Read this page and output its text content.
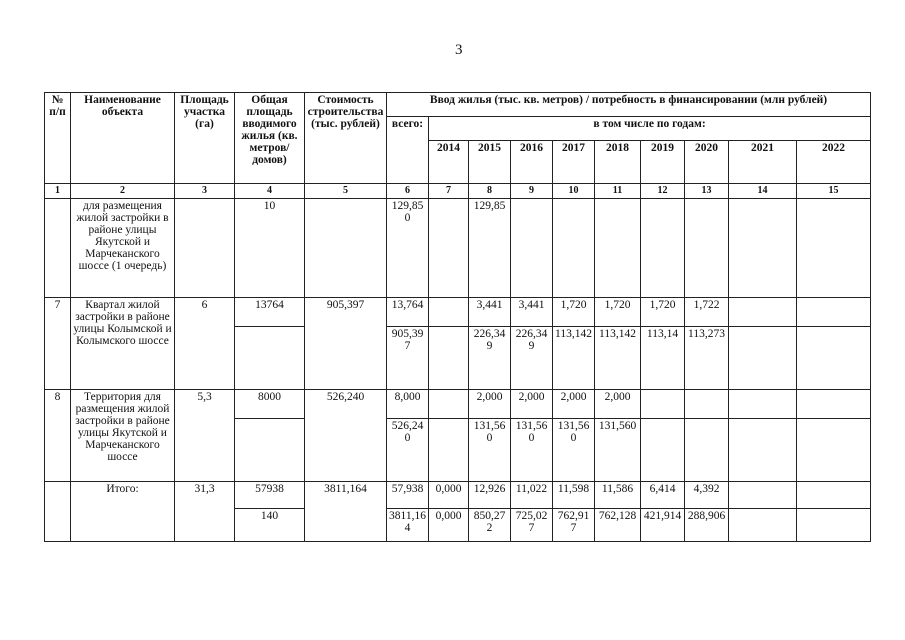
3
№ п/п	Наименование объекта	Площадь участка (га)	Общая площадь вводимого жилья (кв. метров/ домов)	Стоимость строительства (тыс. рублей)	Ввод жилья (тыс. кв. метров) / потребность в финансировании (млн рублей)									
					всего:	в том числе по годам:								
						2014	2015	2016	2017	2018	2019	2020	2021	2022
1	2	3	4	5	6	7	8	9	10	11	12	13	14	15
	для размещения жилой застройки в районе улицы Якутской и Марчеканского шоссе (1 очередь)		10		129,850		129,85							
7	Квартал жилой застройки в районе улицы Колымской и Колымского шоссе	6	13764	905,397	13,764		3,441	3,441	1,720	1,720	1,720	1,722		
					905,397		226,349	226,349	113,142	113,142	113,14	113,273		
8	Территория для размещения жилой застройки в районе улицы Якутской и Марчеканского шоссе	5,3	8000	526,240	8,000		2,000	2,000	2,000	2,000				
					526,240		131,560	131,560	131,560	131,560				
	Итого:	31,3	57938	3811,164	57,938	0,000	12,926	11,022	11,598	11,586	6,414	4,392		
			140		3811,164	0,000	850,272	725,027	762,917	762,128	421,914	288,906		
